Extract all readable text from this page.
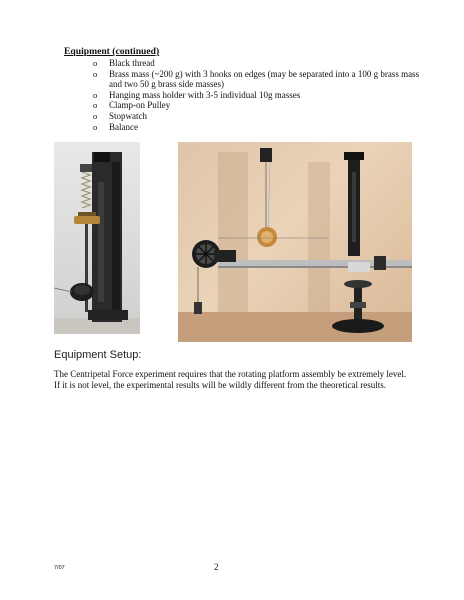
Equipment (continued)
o Black thread
o Brass mass (~200 g) with 3 hooks on edges (may be separated into a 100 g brass mass and two 50 g brass side masses)
o Hanging mass holder with 3-5 individual 10g masses
o Clamp-on Pulley
o Stopwatch
o Balance
Equipment Setup:

The Centripetal Force experiment requires that the rotating platform assembly be extremely level. If it is not level, the experimental results will be wildly different from the theoretical results.

7/07	2
